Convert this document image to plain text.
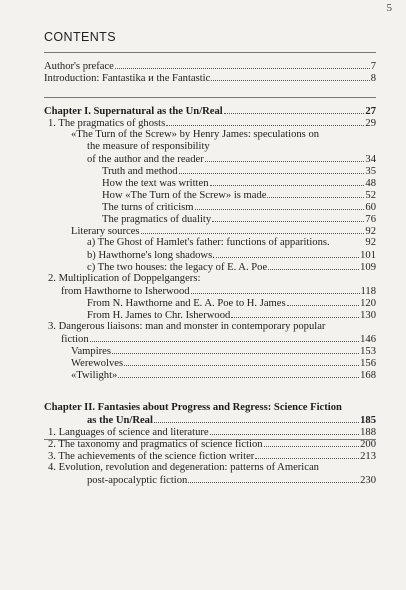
5
CONTENTS
Author's preface	7
Introduction: Fantastika и the Fantastic	8
Chapter I. Supernatural as the Un/Real	27
1. The pragmatics of ghosts	29
«The Turn of the Screw» by Henry James: speculations on
the measure of responsibility
of the author and the reader	34
Truth and method	35
How the text was written	48
How «The Turn of the Screw» is made	52
The turns of criticism	60
The pragmatics of duality	76
Literary sources	92
a) The Ghost of Hamlet's father: functions of apparitions.	92
b) Hawthorne's long shadows.	101
c) The two houses: the legacy of E. A. Poe	109
2. Multiplication of Doppelgangers:
from Hawthorne to Isherwood	118
From N. Hawthorne and E. A. Poe to H. James	120
From H. James to Chr. Isherwood	130
3. Dangerous liaisons: man and monster in contemporary popular
fiction	146
Vampires	153
Werewolves	156
«Twilight»	168
Chapter II. Fantasies about Progress and Regress: Science Fiction
as the Un/Real	185
1. Languages of science and literature	188
2. The taxonomy and pragmatics of science fiction	200
3. The achievements of the science fiction writer	213
4. Evolution, revolution and degeneration: patterns of American
post-apocalyptic fiction	230
